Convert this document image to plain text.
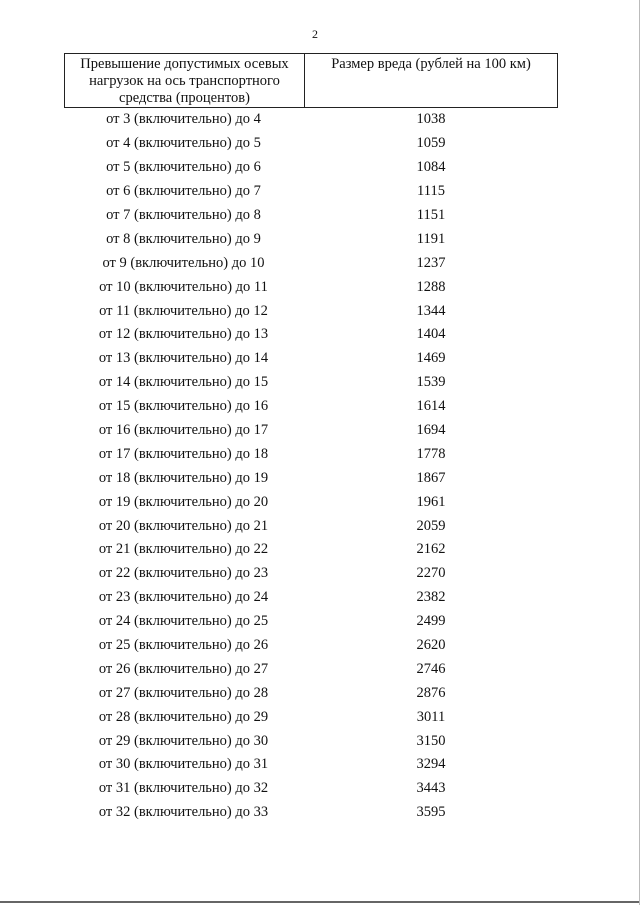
2
Превышение допустимых осевых нагрузок на ось транспортного средства (процентов)	Размер вреда (рублей на 100 км)
от 3 (включительно) до 4	1038
от 4 (включительно) до 5	1059
от 5 (включительно) до 6	1084
от 6 (включительно) до 7	1115
от 7 (включительно) до 8	1151
от 8 (включительно) до 9	1191
от 9 (включительно) до 10	1237
от 10 (включительно) до 11	1288
от 11 (включительно) до 12	1344
от 12 (включительно) до 13	1404
от 13 (включительно) до 14	1469
от 14 (включительно) до 15	1539
от 15 (включительно) до 16	1614
от 16 (включительно) до 17	1694
от 17 (включительно) до 18	1778
от 18 (включительно) до 19	1867
от 19 (включительно) до 20	1961
от 20 (включительно) до 21	2059
от 21 (включительно) до 22	2162
от 22 (включительно) до 23	2270
от 23 (включительно) до 24	2382
от 24 (включительно) до 25	2499
от 25 (включительно) до 26	2620
от 26 (включительно) до 27	2746
от 27 (включительно) до 28	2876
от 28 (включительно) до 29	3011
от 29 (включительно) до 30	3150
от 30 (включительно) до 31	3294
от 31 (включительно) до 32	3443
от 32 (включительно) до 33	3595
